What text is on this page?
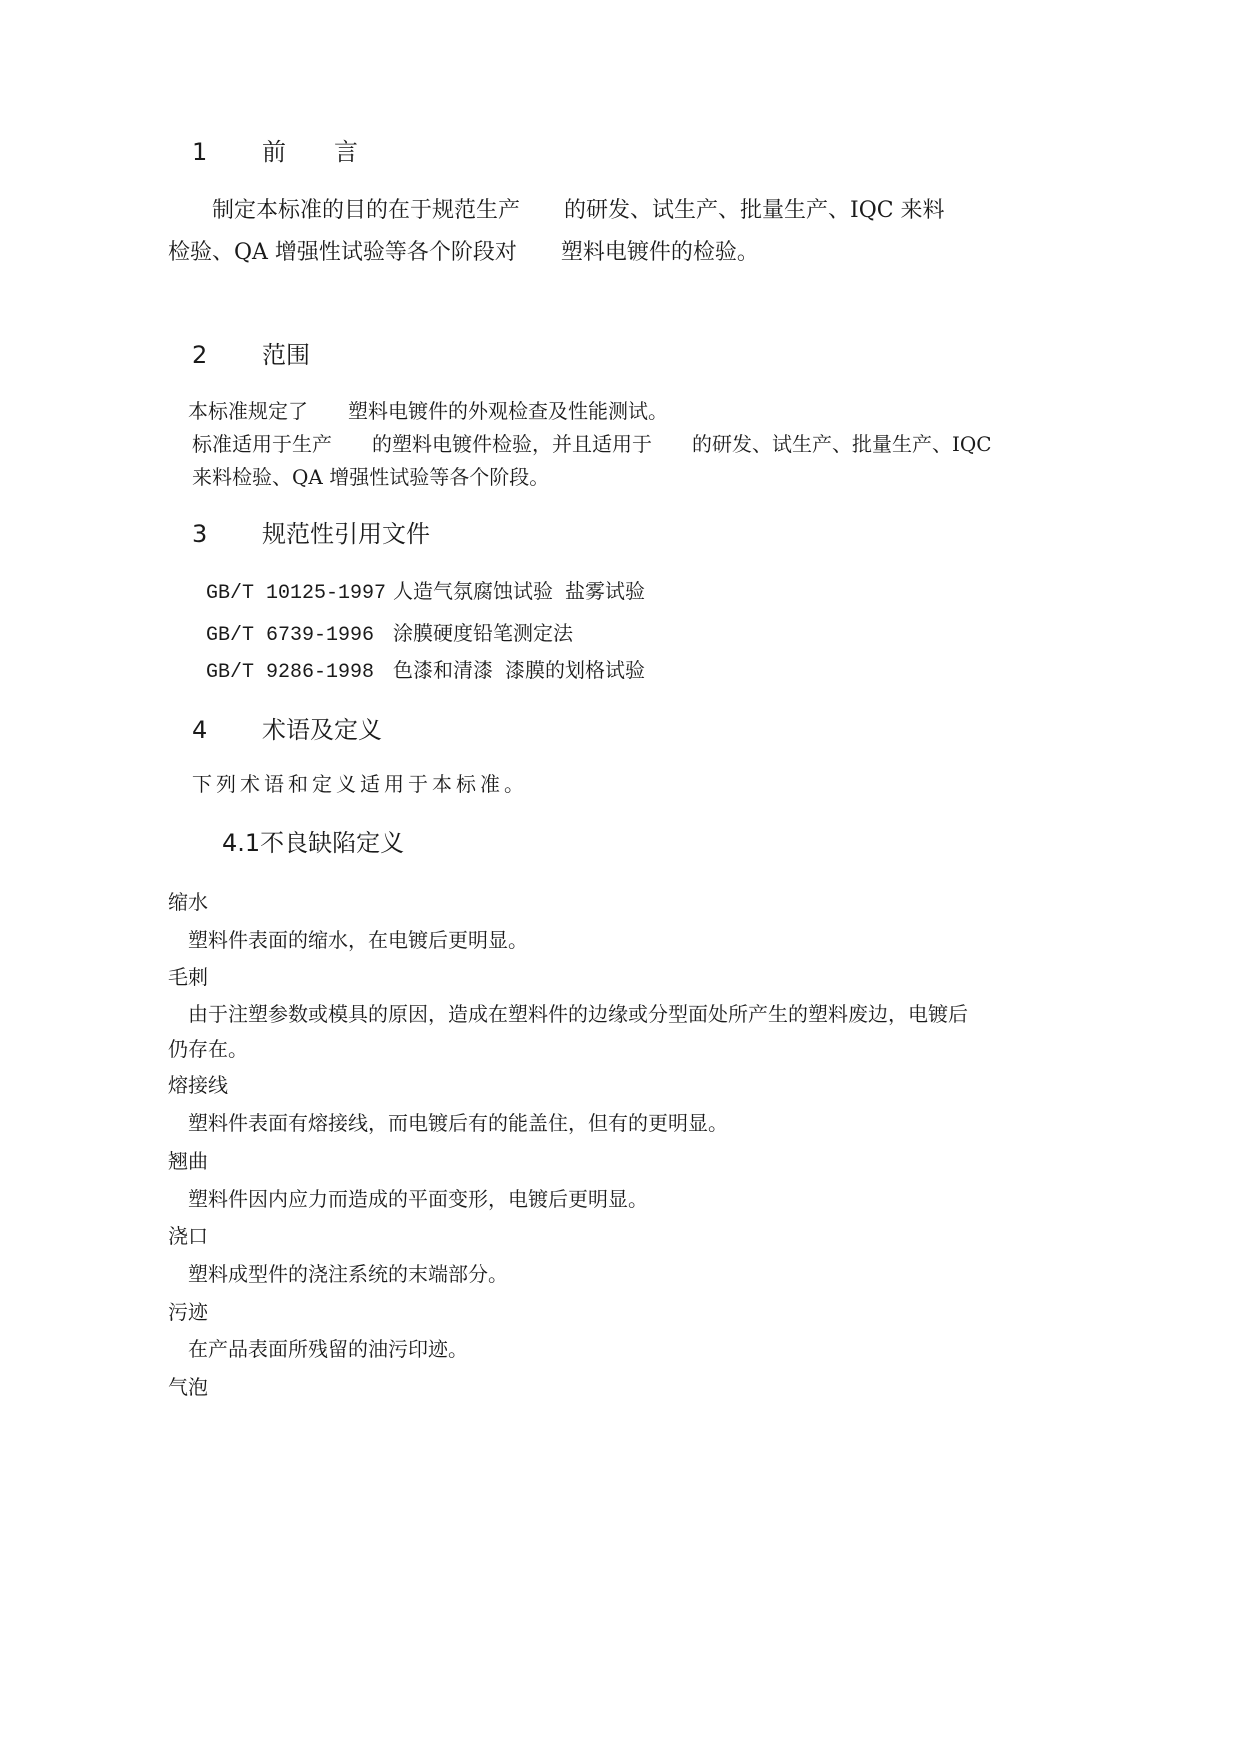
1 前　　言
制定本标准的目的在于规范生产　　的研发、试生产、批量生产、IQC 来料
检验、QA 增强性试验等各个阶段对　　塑料电镀件的检验。
2 范围
本标准规定了　　塑料电镀件的外观检查及性能测试。
标准适用于生产　　的塑料电镀件检验，并且适用于　　的研发、试生产、批量生产、IQC
来料检验、QA 增强性试验等各个阶段。
3 规范性引用文件
GB/T 10125-1997 人造气氛腐蚀试验 盐雾试验
GB/T 6739-1996 涂膜硬度铅笔测定法
GB/T 9286-1998 色漆和清漆 漆膜的划格试验
4 术语及定义
下列术语和定义适用于本标准。
4.1不良缺陷定义
缩水
塑料件表面的缩水，在电镀后更明显。
毛刺
由于注塑参数或模具的原因，造成在塑料件的边缘或分型面处所产生的塑料废边，电镀后
仍存在。
熔接线
塑料件表面有熔接线，而电镀后有的能盖住，但有的更明显。
翘曲
塑料件因内应力而造成的平面变形，电镀后更明显。
浇口
塑料成型件的浇注系统的末端部分。
污迹
在产品表面所残留的油污印迹。
气泡
